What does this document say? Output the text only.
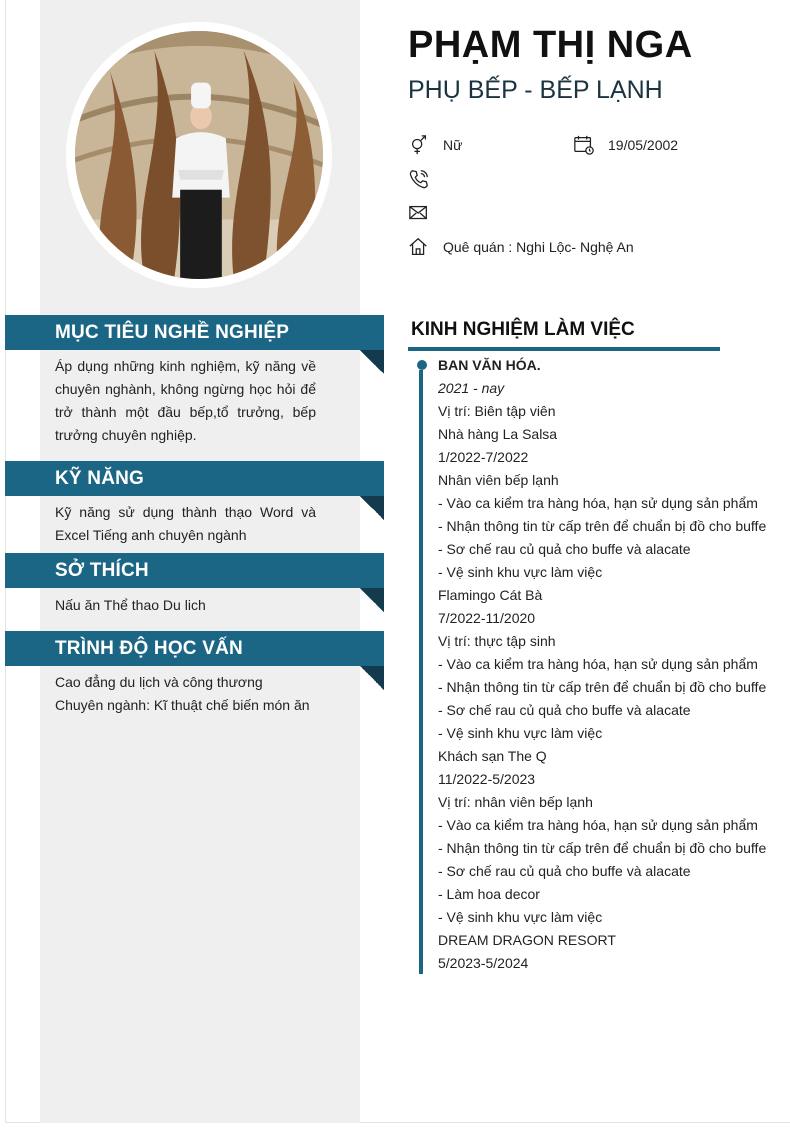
PHẠM THỊ NGA
PHỤ BẾP - BẾP LẠNH
Nữ	19/05/2002
Quê quán : Nghi Lộc- Nghệ An
MỤC TIÊU NGHỀ NGHIỆP
Áp dụng những kinh nghiệm, kỹ năng về chuyên nghành, không ngừng học hỏi để trở thành một đầu bếp,tổ trưởng, bếp trưởng chuyên nghiệp.
KỸ NĂNG
Kỹ năng sử dụng thành thạo Word và Excel Tiếng anh chuyên ngành
SỞ THÍCH
Nấu ăn Thể thao Du lich
TRÌNH ĐỘ HỌC VẤN

Cao đẳng du lịch và công thương

Chuyên ngành: Kĩ thuật chế biến món ăn

KINH NGHIỆM LÀM VIỆC
BAN VĂN HÓA.
2021 - nay
Vị trí: Biên tập viên
Nhà hàng La Salsa
1/2022-7/2022
Nhân viên bếp lạnh
- Vào ca kiểm tra hàng hóa, hạn sử dụng sản phẩm
- Nhận thông tin từ cấp trên để chuẩn bị đồ cho buffe
- Sơ chế rau củ quả cho buffe và alacate
- Vệ sinh khu vực làm việc
Flamingo Cát Bà
7/2022-11/2020
Vị trí: thực tập sinh
- Vào ca kiểm tra hàng hóa, hạn sử dụng sản phẩm
- Nhận thông tin từ cấp trên để chuẩn bị đồ cho buffe
- Sơ chế rau củ quả cho buffe và alacate
- Vệ sinh khu vực làm việc
Khách sạn The Q
11/2022-5/2023
Vị trí: nhân viên bếp lạnh
- Vào ca kiểm tra hàng hóa, hạn sử dụng sản phẩm
- Nhận thông tin từ cấp trên để chuẩn bị đồ cho buffe
- Sơ chế rau củ quả cho buffe và alacate
- Làm hoa decor
- Vệ sinh khu vực làm việc
DREAM DRAGON RESORT
5/2023-5/2024
